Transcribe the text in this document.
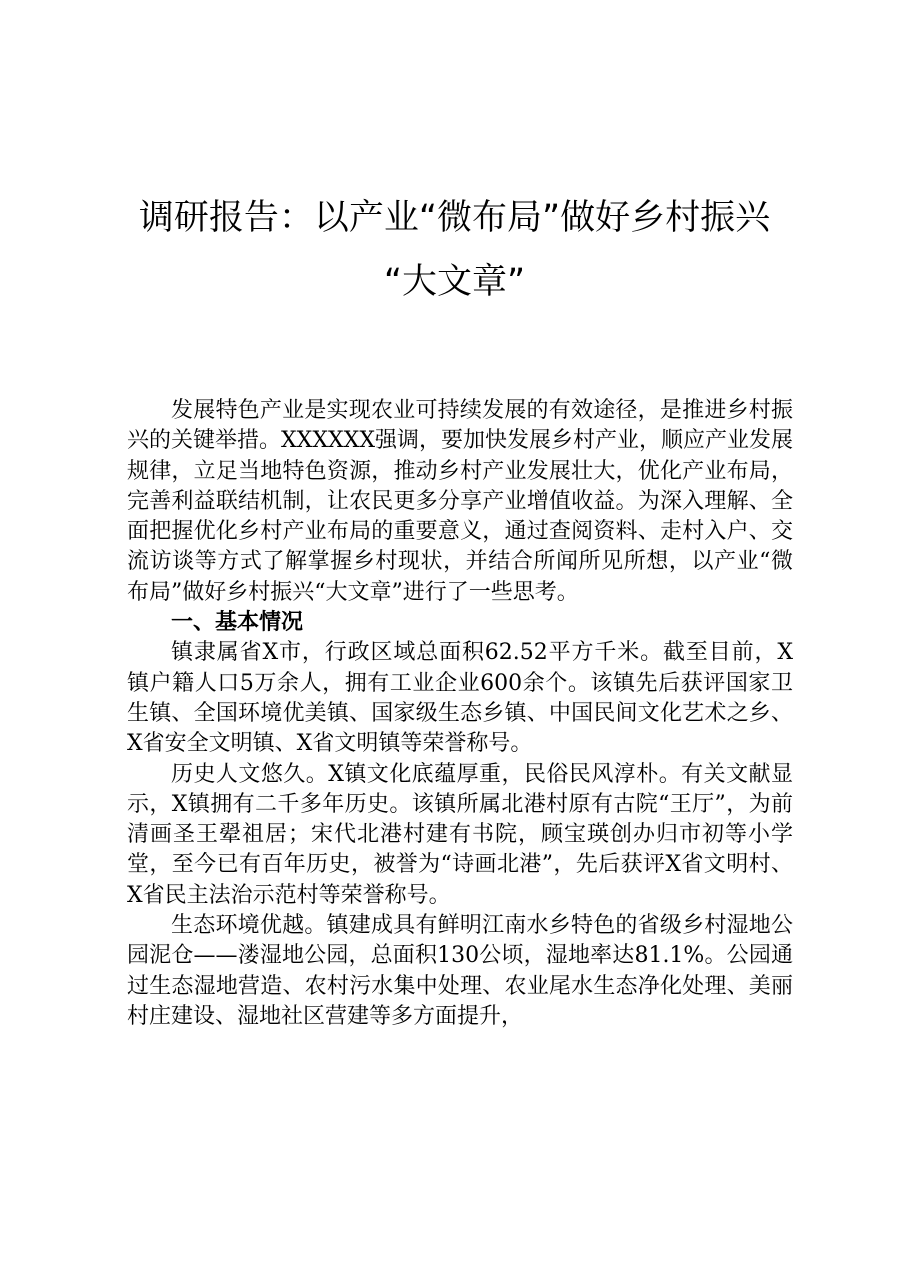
调研报告：以产业“微布局”做好乡村振兴
“大文章”

发展特色产业是实现农业可持续发展的有效途径，是推进乡村振兴的关键举措。XXXXXX强调，要加快发展乡村产业，顺应产业发展规律，立足当地特色资源，推动乡村产业发展壮大，优化产业布局，完善利益联结机制，让农民更多分享产业增值收益。为深入理解、全面把握优化乡村产业布局的重要意义，通过查阅资料、走村入户、交流访谈等方式了解掌握乡村现状，并结合所闻所见所想，以产业“微布局”做好乡村振兴“大文章”进行了一些思考。

一、基本情况

镇隶属省X市，行政区域总面积62.52平方千米。截至目前，X镇户籍人口5万余人，拥有工业企业600余个。该镇先后获评国家卫生镇、全国环境优美镇、国家级生态乡镇、中国民间文化艺术之乡、X省安全文明镇、X省文明镇等荣誉称号。

历史人文悠久。X镇文化底蕴厚重，民俗民风淳朴。有关文献显示，X镇拥有二千多年历史。该镇所属北港村原有古院“王厅”，为前清画圣王翚祖居；宋代北港村建有书院，顾宝瑛创办归市初等小学堂，至今已有百年历史，被誉为“诗画北港”，先后获评X省文明村、X省民主法治示范村等荣誉称号。

生态环境优越。镇建成具有鲜明江南水乡特色的省级乡村湿地公园泥仓——溇湿地公园，总面积130公顷，湿地率达81.1%。公园通过生态湿地营造、农村污水集中处理、农业尾水生态净化处理、美丽村庄建设、湿地社区营建等多方面提升，
